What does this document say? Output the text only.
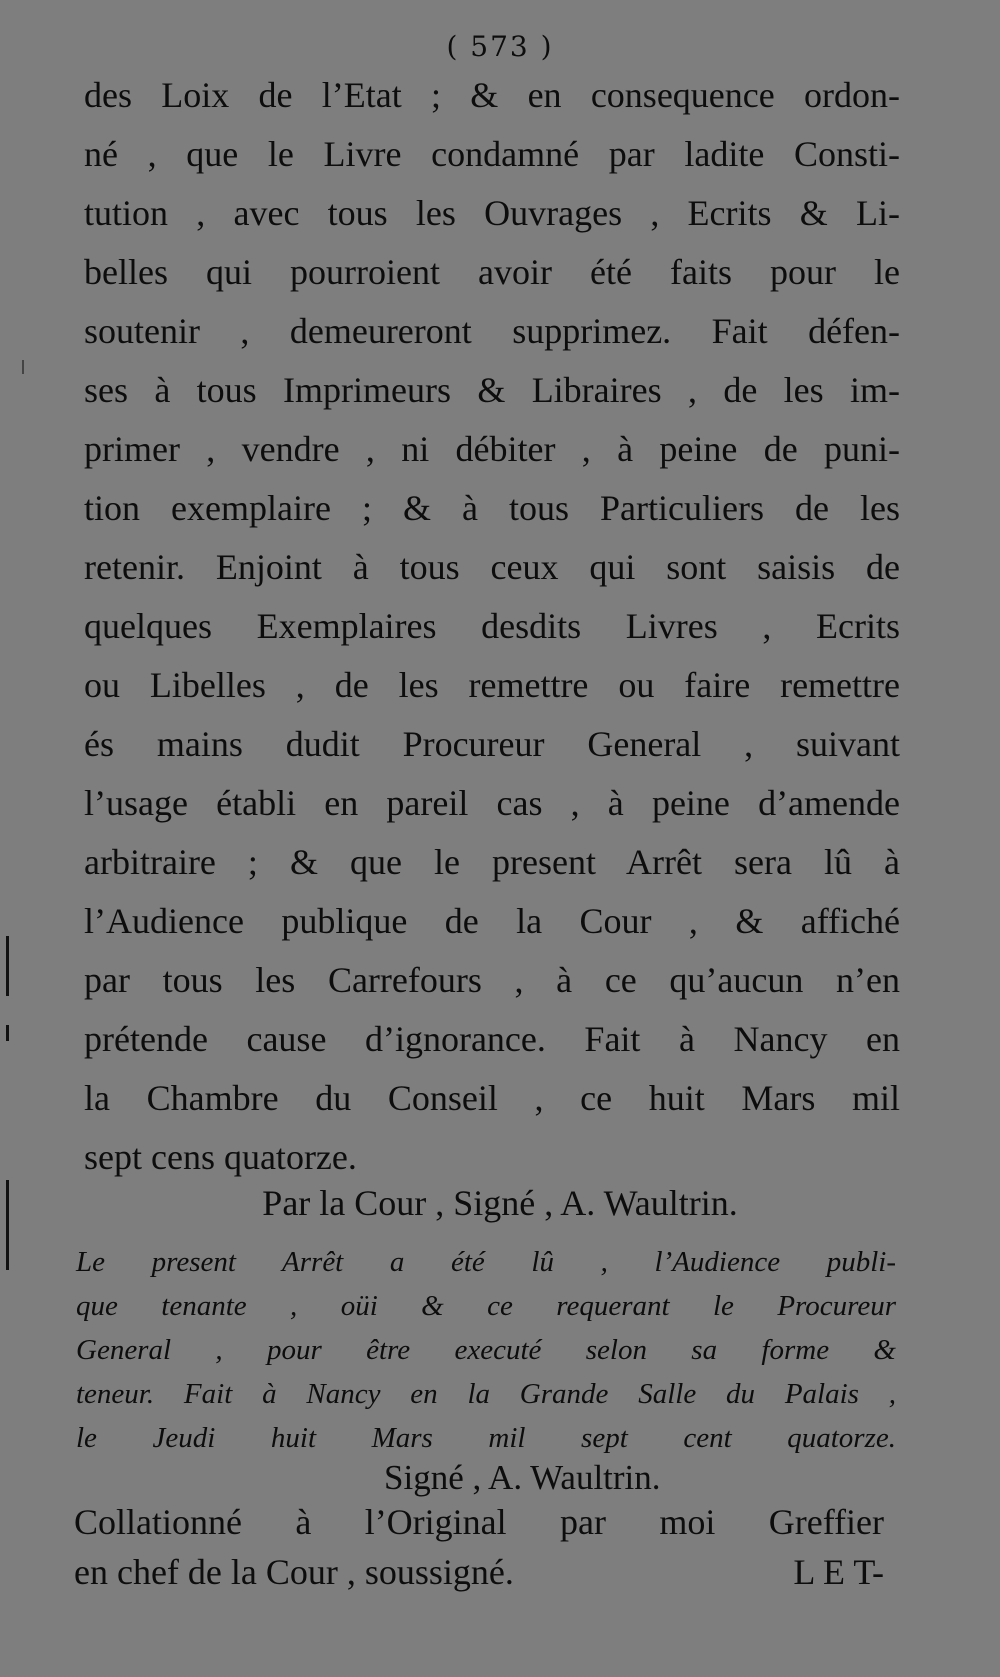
( 573 )
des Loix de l’Etat ; & en consequence ordon-
né , que le Livre condamné par ladite Consti-
tution , avec tous les Ouvrages , Ecrits & Li-
belles qui pourroient avoir été faits pour le
soutenir , demeureront supprimez. Fait défen-
ses à tous Imprimeurs & Libraires , de les im-
primer , vendre , ni débiter , à peine de puni-
tion exemplaire ; & à tous Particuliers de les
retenir. Enjoint à tous ceux qui sont saisis de
quelques Exemplaires desdits Livres , Ecrits
ou Libelles , de les remettre ou faire remettre
és mains dudit Procureur General , suivant
l’usage établi en pareil cas , à peine d’amende
arbitraire ; & que le present Arrêt sera lû à
l’Audience publique de la Cour , & affiché
par tous les Carrefours , à ce qu’aucun n’en
prétende cause d’ignorance. Fait à Nancy en
la Chambre du Conseil , ce huit Mars mil
sept cens quatorze.
Par la Cour , Signé , A. Waultrin.
Le present Arrêt a été lû , l’Audience publi-
que tenante , oüi & ce requerant le Procureur
General , pour être executé selon sa forme &
teneur. Fait à Nancy en la Grande Salle du Palais ,
le Jeudi huit Mars mil sept cent quatorze.
Signé , A. Waultrin.
Collationné à l’Original par moi Greffier
en chef de la Cour , soussigné.	L E T-
